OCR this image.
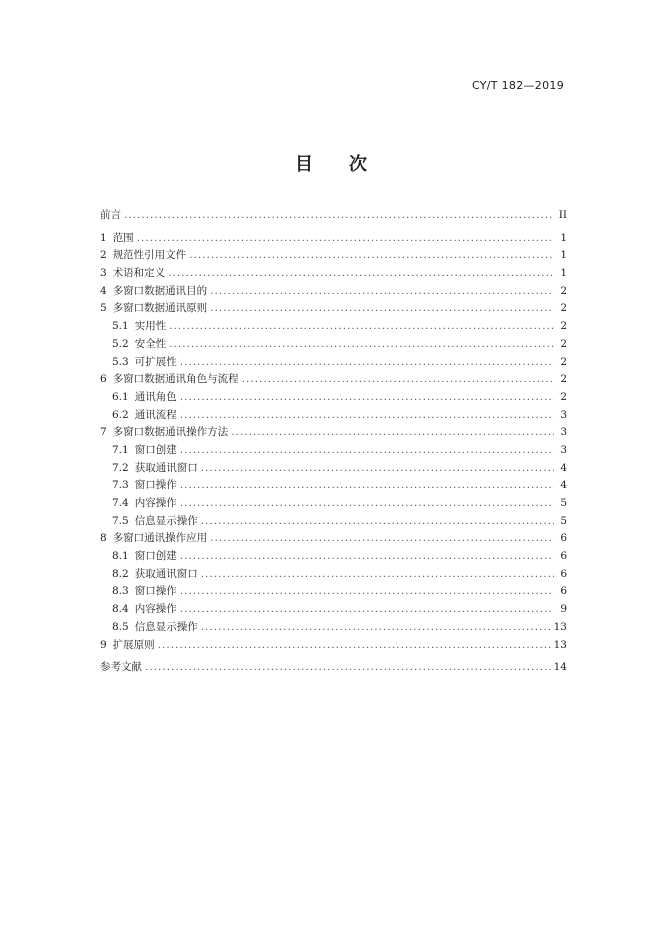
CY/T 182—2019
目　　次
前言 .....	II
1 范围 .....	1
2 规范性引用文件 .....	1
3 术语和定义 .....	1
4 多窗口数据通讯目的 .....	2
5 多窗口数据通讯原则 .....	2
5.1 实用性 .....	2
5.2 安全性 .....	2
5.3 可扩展性 .....	2
6 多窗口数据通讯角色与流程 .....	2
6.1 通讯角色 .....	2
6.2 通讯流程 .....	3
7 多窗口数据通讯操作方法 .....	3
7.1 窗口创建 .....	3
7.2 获取通讯窗口 .....	4
7.3 窗口操作 .....	4
7.4 内容操作 .....	5
7.5 信息显示操作 .....	5
8 多窗口通讯操作应用 .....	6
8.1 窗口创建 .....	6
8.2 获取通讯窗口 .....	6
8.3 窗口操作 .....	6
8.4 内容操作 .....	9
8.5 信息显示操作 .....	13
9 扩展原则 .....	13
参考文献 .....	14
